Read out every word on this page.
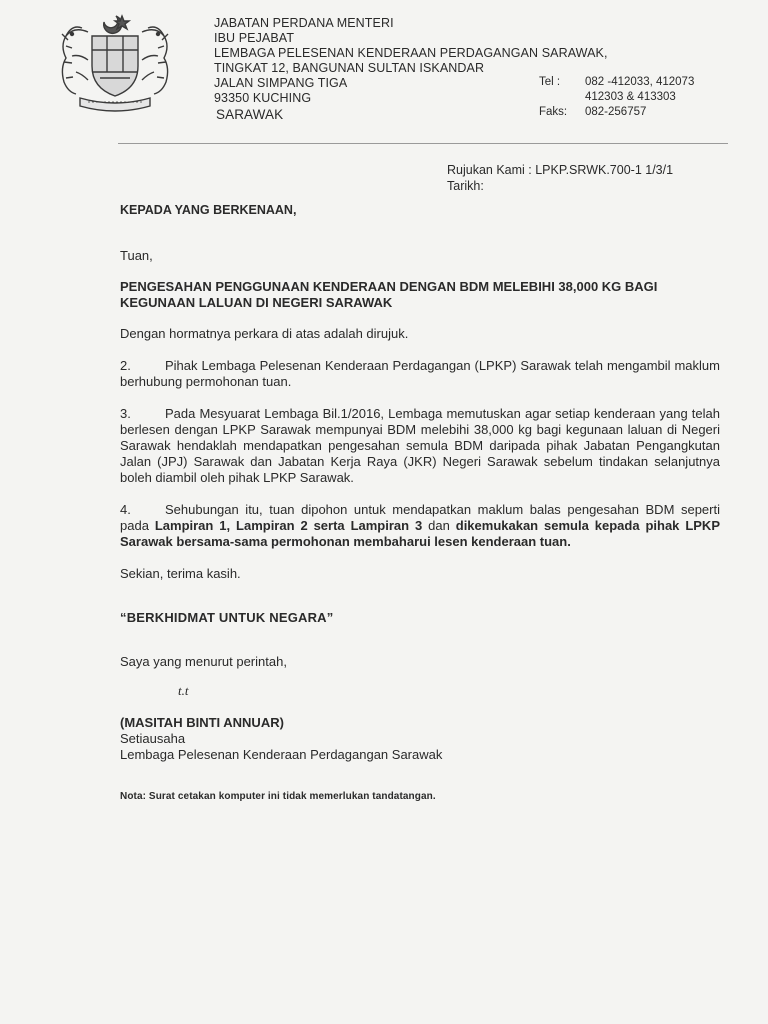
JABATAN PERDANA MENTERI
IBU PEJABAT
LEMBAGA PELESENAN KENDERAAN PERDAGANGAN SARAWAK,
TINGKAT 12, BANGUNAN SULTAN ISKANDAR
JALAN SIMPANG TIGA
93350 KUCHING
SARAWAK
Tel :	082 -412033, 412073
412303 & 413303
Faks:	082-256757
Rujukan Kami : LPKP.SRWK.700-1 1/3/1
Tarikh:
KEPADA YANG BERKENAAN,
Tuan,
PENGESAHAN PENGGUNAAN KENDERAAN DENGAN BDM MELEBIHI 38,000 KG BAGI KEGUNAAN LALUAN DI NEGERI SARAWAK
Dengan hormatnya perkara di atas adalah dirujuk.
2.	Pihak Lembaga Pelesenan Kenderaan Perdagangan (LPKP) Sarawak telah mengambil maklum berhubung permohonan tuan.
3.	Pada Mesyuarat Lembaga Bil.1/2016, Lembaga memutuskan agar setiap kenderaan yang telah berlesen dengan LPKP Sarawak mempunyai BDM melebihi 38,000 kg bagi kegunaan laluan di Negeri Sarawak hendaklah mendapatkan pengesahan semula BDM daripada pihak Jabatan Pengangkutan Jalan (JPJ) Sarawak dan Jabatan Kerja Raya (JKR) Negeri Sarawak sebelum tindakan selanjutnya boleh diambil oleh pihak LPKP Sarawak.
4.	Sehubungan itu, tuan dipohon untuk mendapatkan maklum balas pengesahan BDM seperti pada Lampiran 1, Lampiran 2 serta Lampiran 3 dan dikemukakan semula kepada pihak LPKP Sarawak bersama-sama permohonan membaharui lesen kenderaan tuan.
Sekian, terima kasih.
“BERKHIDMAT UNTUK NEGARA”
Saya yang menurut perintah,
t.t
(MASITAH BINTI ANNUAR)
Setiausaha
Lembaga Pelesenan Kenderaan Perdagangan Sarawak
Nota: Surat cetakan komputer ini tidak memerlukan tandatangan.
